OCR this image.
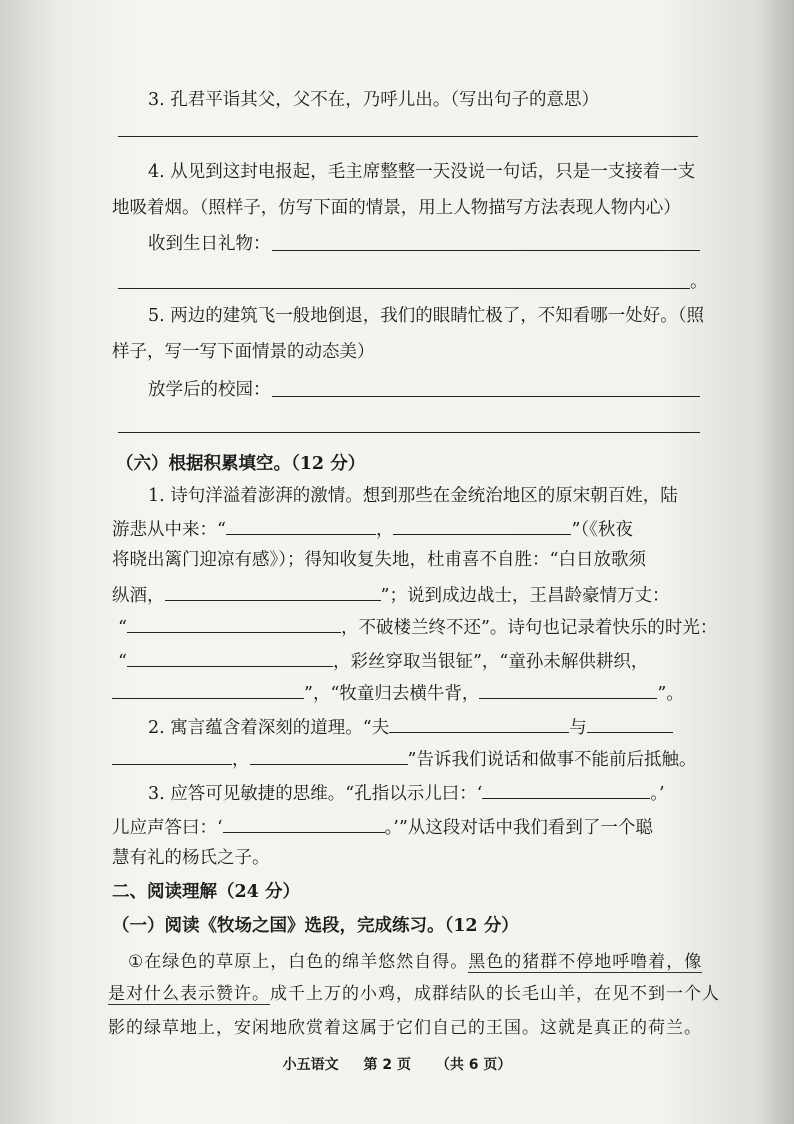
3. 孔君平诣其父，父不在，乃呼儿出。（写出句子的意思）
4. 从见到这封电报起，毛主席整整一天没说一句话，只是一支接着一支
地吸着烟。（照样子，仿写下面的情景，用上人物描写方法表现人物内心）
收到生日礼物：
。
5. 两边的建筑飞一般地倒退，我们的眼睛忙极了，不知看哪一处好。（照
样子，写一写下面情景的动态美）
放学后的校园：
（六）根据积累填空。（12 分）
1. 诗句洋溢着澎湃的激情。想到那些在金统治地区的原宋朝百姓，陆
游悲从中来：“	，	”（《秋夜
将晓出篱门迎凉有感》）；得知收复失地，杜甫喜不自胜：“白日放歌须
纵酒，	”；说到成边战士，王昌龄豪情万丈：
“	，不破楼兰终不还”。诗句也记录着快乐的时光：
“	，彩丝穿取当银钲”，“童孙未解供耕织，
”，“牧童归去横牛背，	”。
2. 寓言蕴含着深刻的道理。“夫	与
，	”告诉我们说话和做事不能前后抵触。
3. 应答可见敏捷的思维。“孔指以示儿曰：‘	。’
儿应声答曰：‘	。’”从这段对话中我们看到了一个聪
慧有礼的杨氏之子。
二、阅读理解（24 分）
（一）阅读《牧场之国》选段，完成练习。（12 分）
①在绿色的草原上，白色的绵羊悠然自得。黑色的猪群不停地呼噜着，像
是对什么表示赞许。成千上万的小鸡，成群结队的长毛山羊，在见不到一个人
影的绿草地上，安闲地欣赏着这属于它们自己的王国。这就是真正的荷兰。
小五语文 第 2 页 （共 6 页）
